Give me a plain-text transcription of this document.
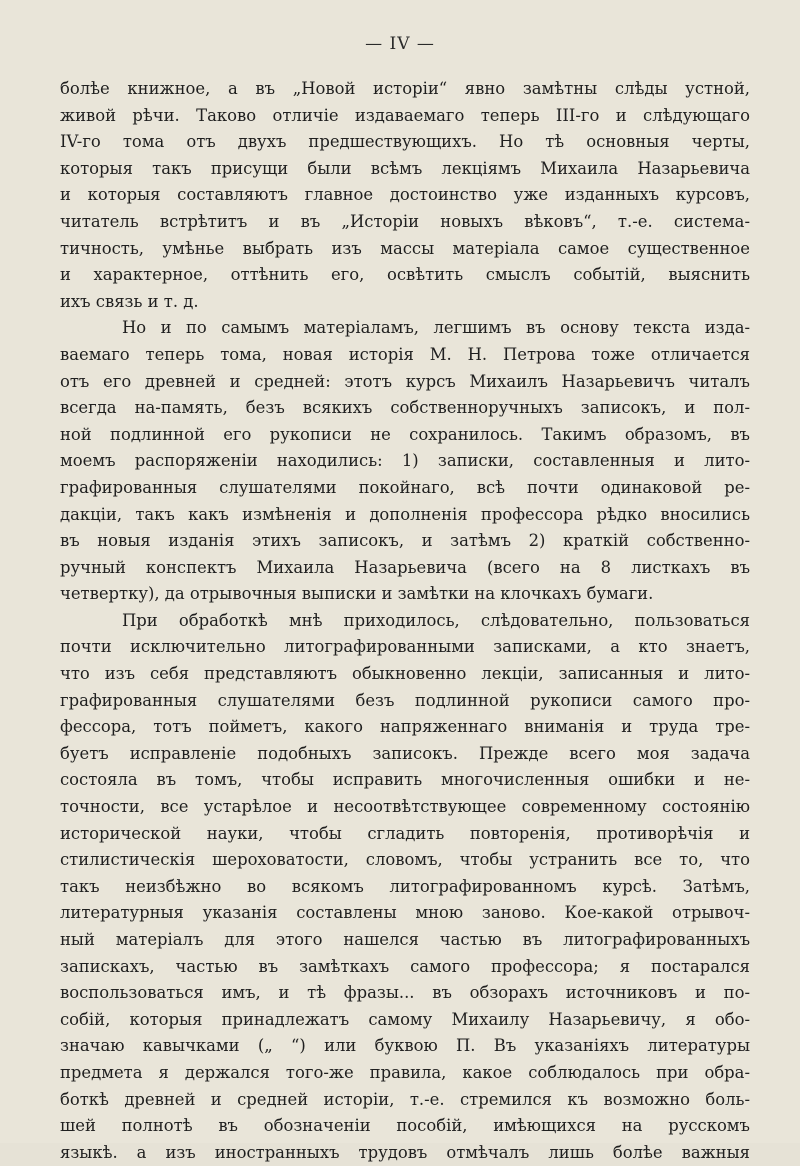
— IV —
болѣе книжное, а въ „Новой исторіи“ явно замѣтны слѣды устной,
живой рѣчи. Таково отличіе издаваемаго теперь III-го и слѣдующаго
IV-го тома отъ двухъ предшествующихъ. Но тѣ основныя черты,
которыя такъ присущи были всѣмъ лекціямъ Михаила Назарьевича
и которыя составляютъ главное достоинство уже изданныхъ курсовъ,
читатель встрѣтитъ и въ „Исторіи новыхъ вѣковъ“, т.-е. система-
тичность, умѣнье выбрать изъ массы матеріала самое существенное
и характерное, оттѣнить его, освѣтить смыслъ событій, выяснить
ихъ связь и т. д.
Но и по самымъ матеріаламъ, легшимъ въ основу текста изда-
ваемаго теперь тома, новая исторія М. Н. Петрова тоже отличается
отъ его древней и средней: этотъ курсъ Михаилъ Назарьевичъ читалъ
всегда на-память, безъ всякихъ собственноручныхъ записокъ, и пол-
ной подлинной его рукописи не сохранилось. Такимъ образомъ, въ
моемъ распоряженіи находились: 1) записки, составленныя и лито-
графированныя слушателями покойнаго, всѣ почти одинаковой ре-
дакціи, такъ какъ измѣненія и дополненія профессора рѣдко вносились
въ новыя изданія этихъ записокъ, и затѣмъ 2) краткій собственно-
ручный конспектъ Михаила Назарьевича (всего на 8 листкахъ въ
четвертку), да отрывочныя выписки и замѣтки на клочкахъ бумаги.
При обработкѣ мнѣ приходилось, слѣдовательно, пользоваться
почти исключительно литографированными записками, а кто знаетъ,
что изъ себя представляютъ обыкновенно лекціи, записанныя и лито-
графированныя слушателями безъ подлинной рукописи самого про-
фессора, тотъ пойметъ, какого напряженнаго вниманія и труда тре-
буетъ исправленіе подобныхъ записокъ. Прежде всего моя задача
состояла въ томъ, чтобы исправить многочисленныя ошибки и не-
точности, все устарѣлое и несоотвѣтствующее современному состоянію
исторической науки, чтобы сгладить повторенія, противорѣчія и
стилистическія шероховатости, словомъ, чтобы устранить все то, что
такъ неизбѣжно во всякомъ литографированномъ курсѣ. Затѣмъ,
литературныя указанія составлены мною заново. Кое-какой отрывоч-
ный матеріалъ для этого нашелся частью въ литографированныхъ
запискахъ, частью въ замѣткахъ самого профессора; я постарался
воспользоваться имъ, и тѣ фразы... въ обзорахъ источниковъ и по-
собій, которыя принадлежатъ самому Михаилу Назарьевичу, я обо-
значаю кавычками („ “) или буквою П. Въ указаніяхъ литературы
предмета я держался того-же правила, какое соблюдалось при обра-
боткѣ древней и средней исторіи, т.-е. стремился къ возможно боль-
шей полнотѣ въ обозначеніи пособій, имѣющихся на русскомъ
языкѣ. а изъ иностранныхъ трудовъ отмѣчалъ лишь болѣе важныя
